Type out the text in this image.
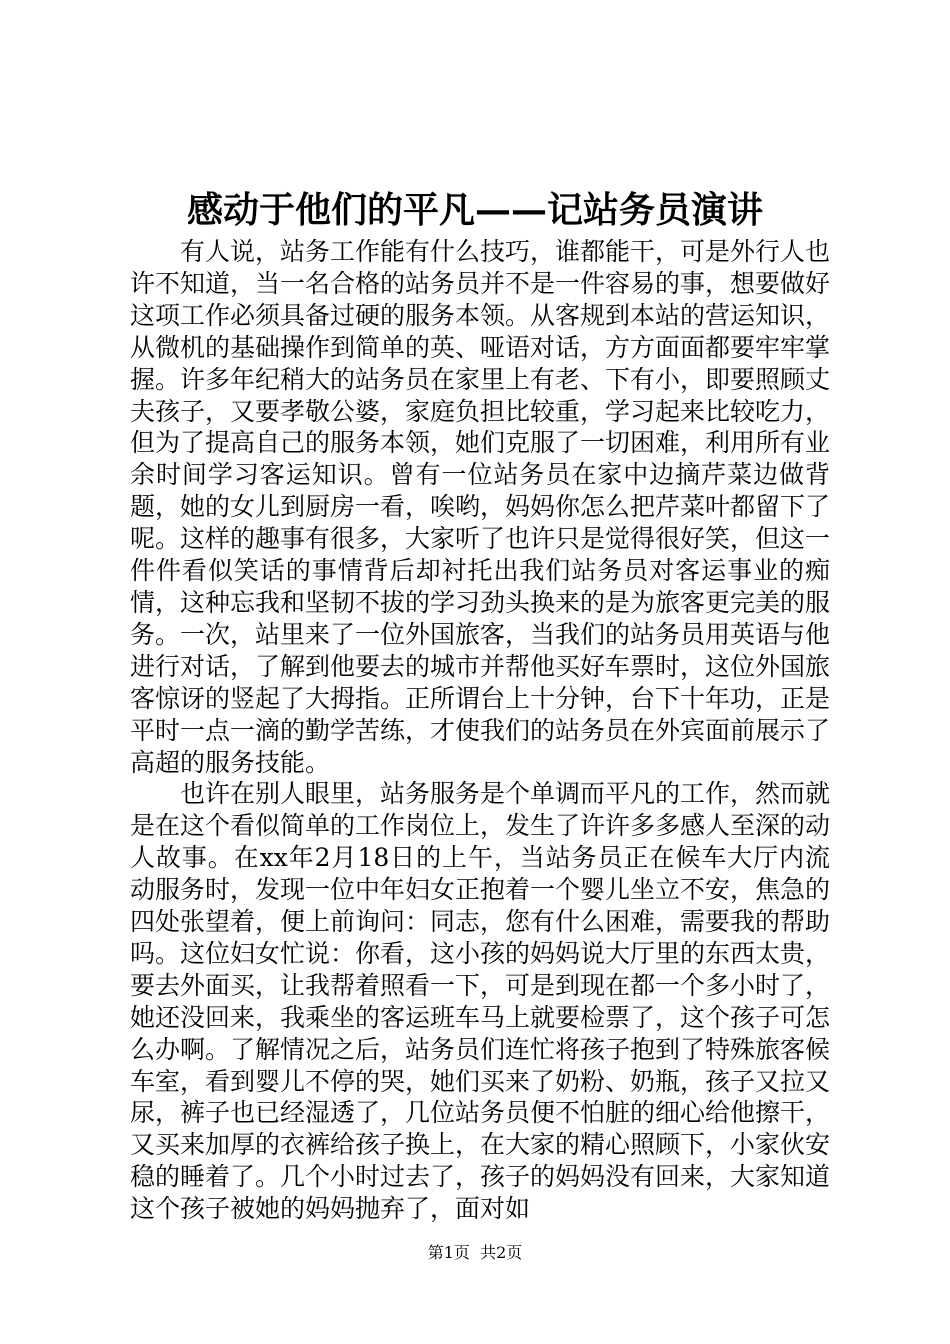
感动于他们的平凡——记站务员演讲

有人说，站务工作能有什么技巧，谁都能干，可是外行人也许不知道，当一名合格的站务员并不是一件容易的事，想要做好这项工作必须具备过硬的服务本领。从客规到本站的营运知识，从微机的基础操作到简单的英、哑语对话，方方面面都要牢牢掌握。许多年纪稍大的站务员在家里上有老、下有小，即要照顾丈夫孩子，又要孝敬公婆，家庭负担比较重，学习起来比较吃力，但为了提高自己的服务本领，她们克服了一切困难，利用所有业余时间学习客运知识。曾有一位站务员在家中边摘芹菜边做背题，她的女儿到厨房一看，唉哟，妈妈你怎么把芹菜叶都留下了呢。这样的趣事有很多，大家听了也许只是觉得很好笑，但这一件件看似笑话的事情背后却衬托出我们站务员对客运事业的痴情，这种忘我和坚韧不拔的学习劲头换来的是为旅客更完美的服务。一次，站里来了一位外国旅客，当我们的站务员用英语与他进行对话，了解到他要去的城市并帮他买好车票时，这位外国旅客惊讶的竖起了大拇指。正所谓台上十分钟，台下十年功，正是平时一点一滴的勤学苦练，才使我们的站务员在外宾面前展示了高超的服务技能。

也许在别人眼里，站务服务是个单调而平凡的工作，然而就是在这个看似简单的工作岗位上，发生了许许多多感人至深的动人故事。在xx年2月18日的上午，当站务员正在候车大厅内流动服务时，发现一位中年妇女正抱着一个婴儿坐立不安，焦急的四处张望着，便上前询问：同志，您有什么困难，需要我的帮助吗。这位妇女忙说：你看，这小孩的妈妈说大厅里的东西太贵，要去外面买，让我帮着照看一下，可是到现在都一个多小时了，她还没回来，我乘坐的客运班车马上就要检票了，这个孩子可怎么办啊。了解情况之后，站务员们连忙将孩子抱到了特殊旅客候车室，看到婴儿不停的哭，她们买来了奶粉、奶瓶，孩子又拉又尿，裤子也已经湿透了，几位站务员便不怕脏的细心给他擦干，又买来加厚的衣裤给孩子换上，在大家的精心照顾下，小家伙安稳的睡着了。几个小时过去了，孩子的妈妈没有回来，大家知道这个孩子被她的妈妈抛弃了，面对如

第1页 共2页
